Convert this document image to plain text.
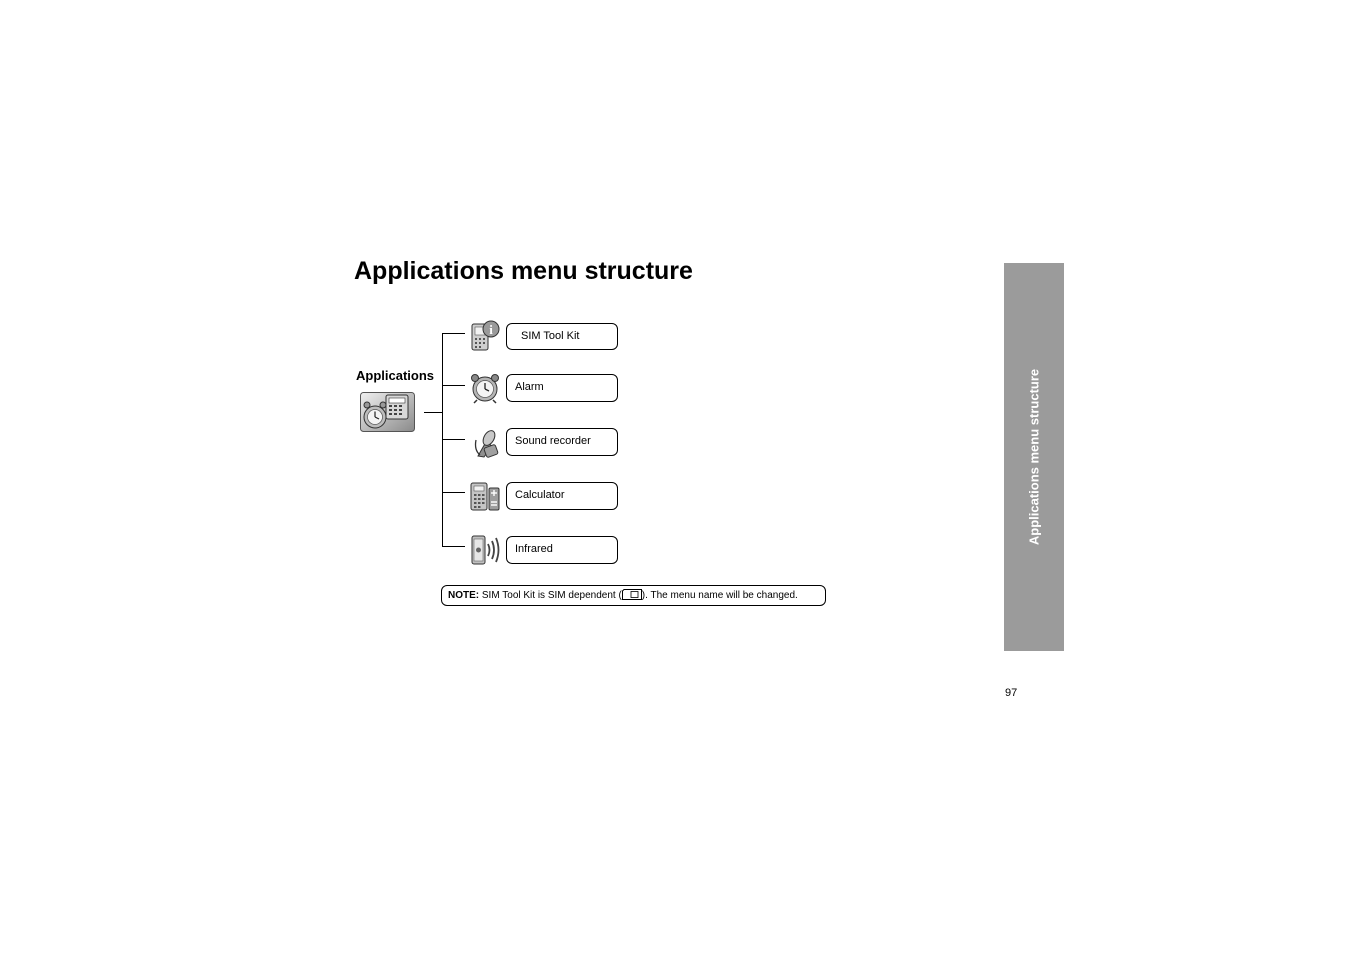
Applications menu structure
Applications
i	SIM Tool Kit
Alarm
Sound recorder
Calculator
Infrared
NOTE: SIM Tool Kit is SIM dependent ( ). The menu name will be changed.
Applications menu structure
97
